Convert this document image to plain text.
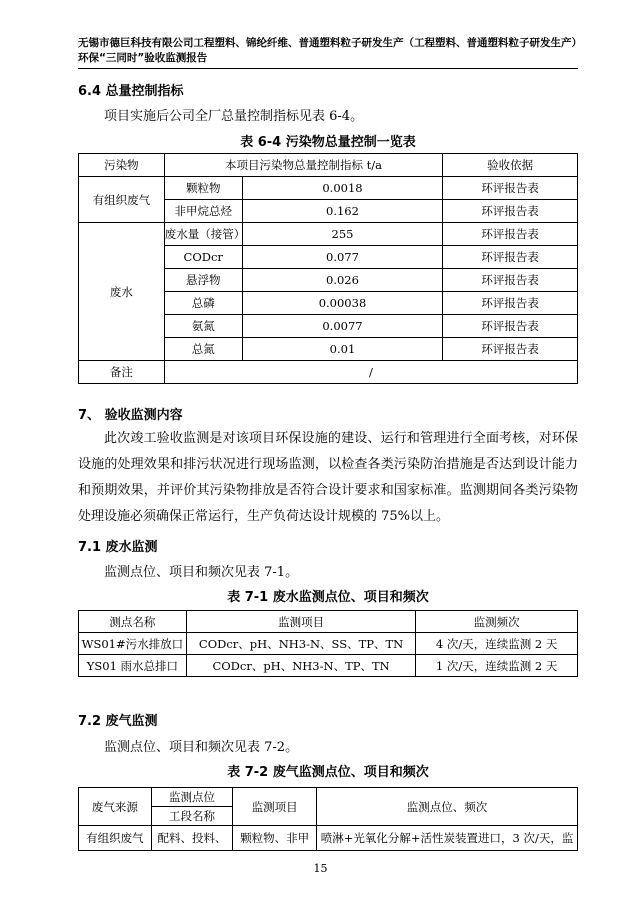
无锡市德巨科技有限公司工程塑料、锦纶纤维、普通塑料粒子研发生产（工程塑料、普通塑料粒子研发生产）环保“三同时”验收监测报告
6.4 总量控制指标
项目实施后公司全厂总量控制指标见表 6-4。
表 6-4 污染物总量控制一览表
污染物	本项目污染物总量控制指标 t/a		验收依据
有组织废气	颗粒物	0.0018	环评报告表
	非甲烷总烃	0.162	环评报告表
废水	废水量（接管）	255	环评报告表
	CODcr	0.077	环评报告表
	悬浮物	0.026	环评报告表
	总磷	0.00038	环评报告表
	氨氮	0.0077	环评报告表
	总氮	0.01	环评报告表
备注	/		
7、 验收监测内容
此次竣工验收监测是对该项目环保设施的建设、运行和管理进行全面考核，对环保设施的处理效果和排污状况进行现场监测，以检查各类污染防治措施是否达到设计能力和预期效果，并评价其污染物排放是否符合设计要求和国家标准。监测期间各类污染物处理设施必须确保正常运行，生产负荷达设计规模的 75%以上。
7.1 废水监测
监测点位、项目和频次见表 7-1。
表 7-1 废水监测点位、项目和频次
测点名称	监测项目	监测频次
WS01#污水排放口	CODcr、pH、NH3-N、SS、TP、TN	4 次/天，连续监测 2 天
YS01 雨水总排口	CODcr、pH、NH3-N、TP、TN	1 次/天，连续监测 2 天
7.2 废气监测
监测点位、项目和频次见表 7-2。
表 7-2 废气监测点位、项目和频次
废气来源	监测点位	监测项目	监测点位、频次
	工段名称		
有组织废气	配料、投料、	颗粒物、非甲	喷淋+光氧化分解+活性炭装置进口，3 次/天，监
15
